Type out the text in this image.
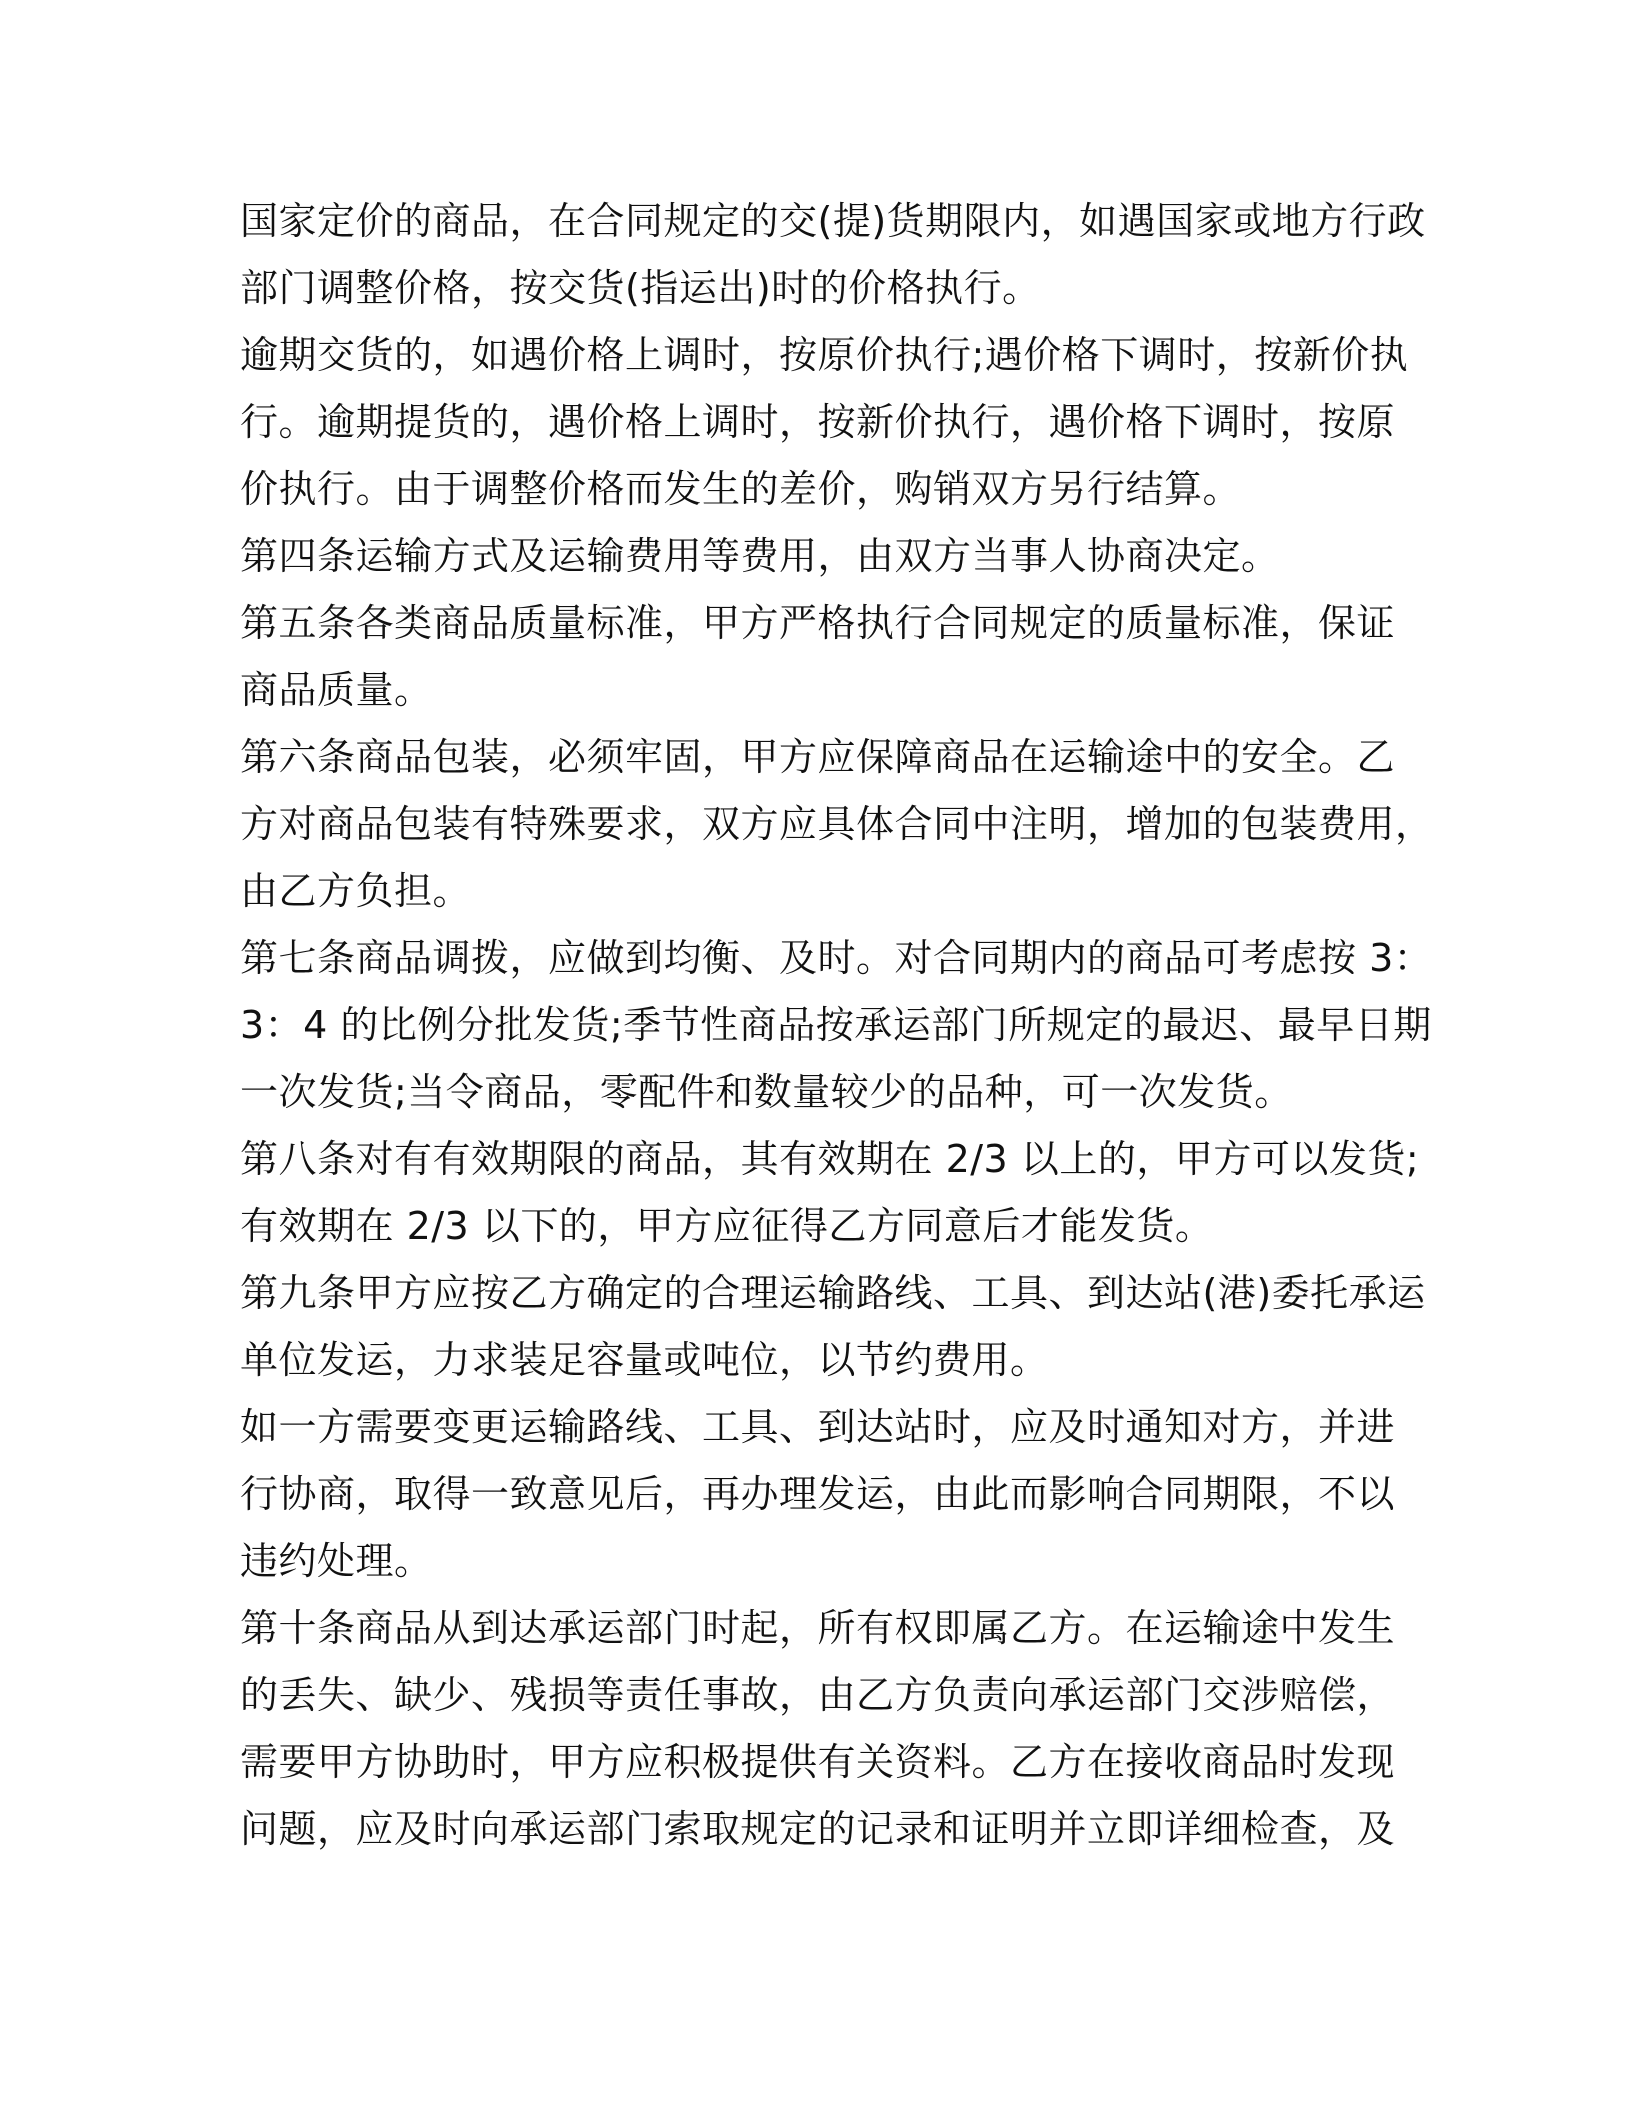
国家定价的商品，在合同规定的交(提)货期限内，如遇国家或地方行政
部门调整价格，按交货(指运出)时的价格执行。
逾期交货的，如遇价格上调时，按原价执行;遇价格下调时，按新价执
行。逾期提货的，遇价格上调时，按新价执行，遇价格下调时，按原
价执行。由于调整价格而发生的差价，购销双方另行结算。
第四条运输方式及运输费用等费用，由双方当事人协商决定。
第五条各类商品质量标准，甲方严格执行合同规定的质量标准，保证
商品质量。
第六条商品包装，必须牢固，甲方应保障商品在运输途中的安全。乙
方对商品包装有特殊要求，双方应具体合同中注明，增加的包装费用，
由乙方负担。
第七条商品调拨，应做到均衡、及时。对合同期内的商品可考虑按 3：
3：4 的比例分批发货;季节性商品按承运部门所规定的最迟、最早日期
一次发货;当令商品，零配件和数量较少的品种，可一次发货。
第八条对有有效期限的商品，其有效期在 2/3 以上的，甲方可以发货;
有效期在 2/3 以下的，甲方应征得乙方同意后才能发货。
第九条甲方应按乙方确定的合理运输路线、工具、到达站(港)委托承运
单位发运，力求装足容量或吨位，以节约费用。
如一方需要变更运输路线、工具、到达站时，应及时通知对方，并进
行协商，取得一致意见后，再办理发运，由此而影响合同期限，不以
违约处理。
第十条商品从到达承运部门时起，所有权即属乙方。在运输途中发生
的丢失、缺少、残损等责任事故，由乙方负责向承运部门交涉赔偿，
需要甲方协助时，甲方应积极提供有关资料。乙方在接收商品时发现
问题，应及时向承运部门索取规定的记录和证明并立即详细检查，及
